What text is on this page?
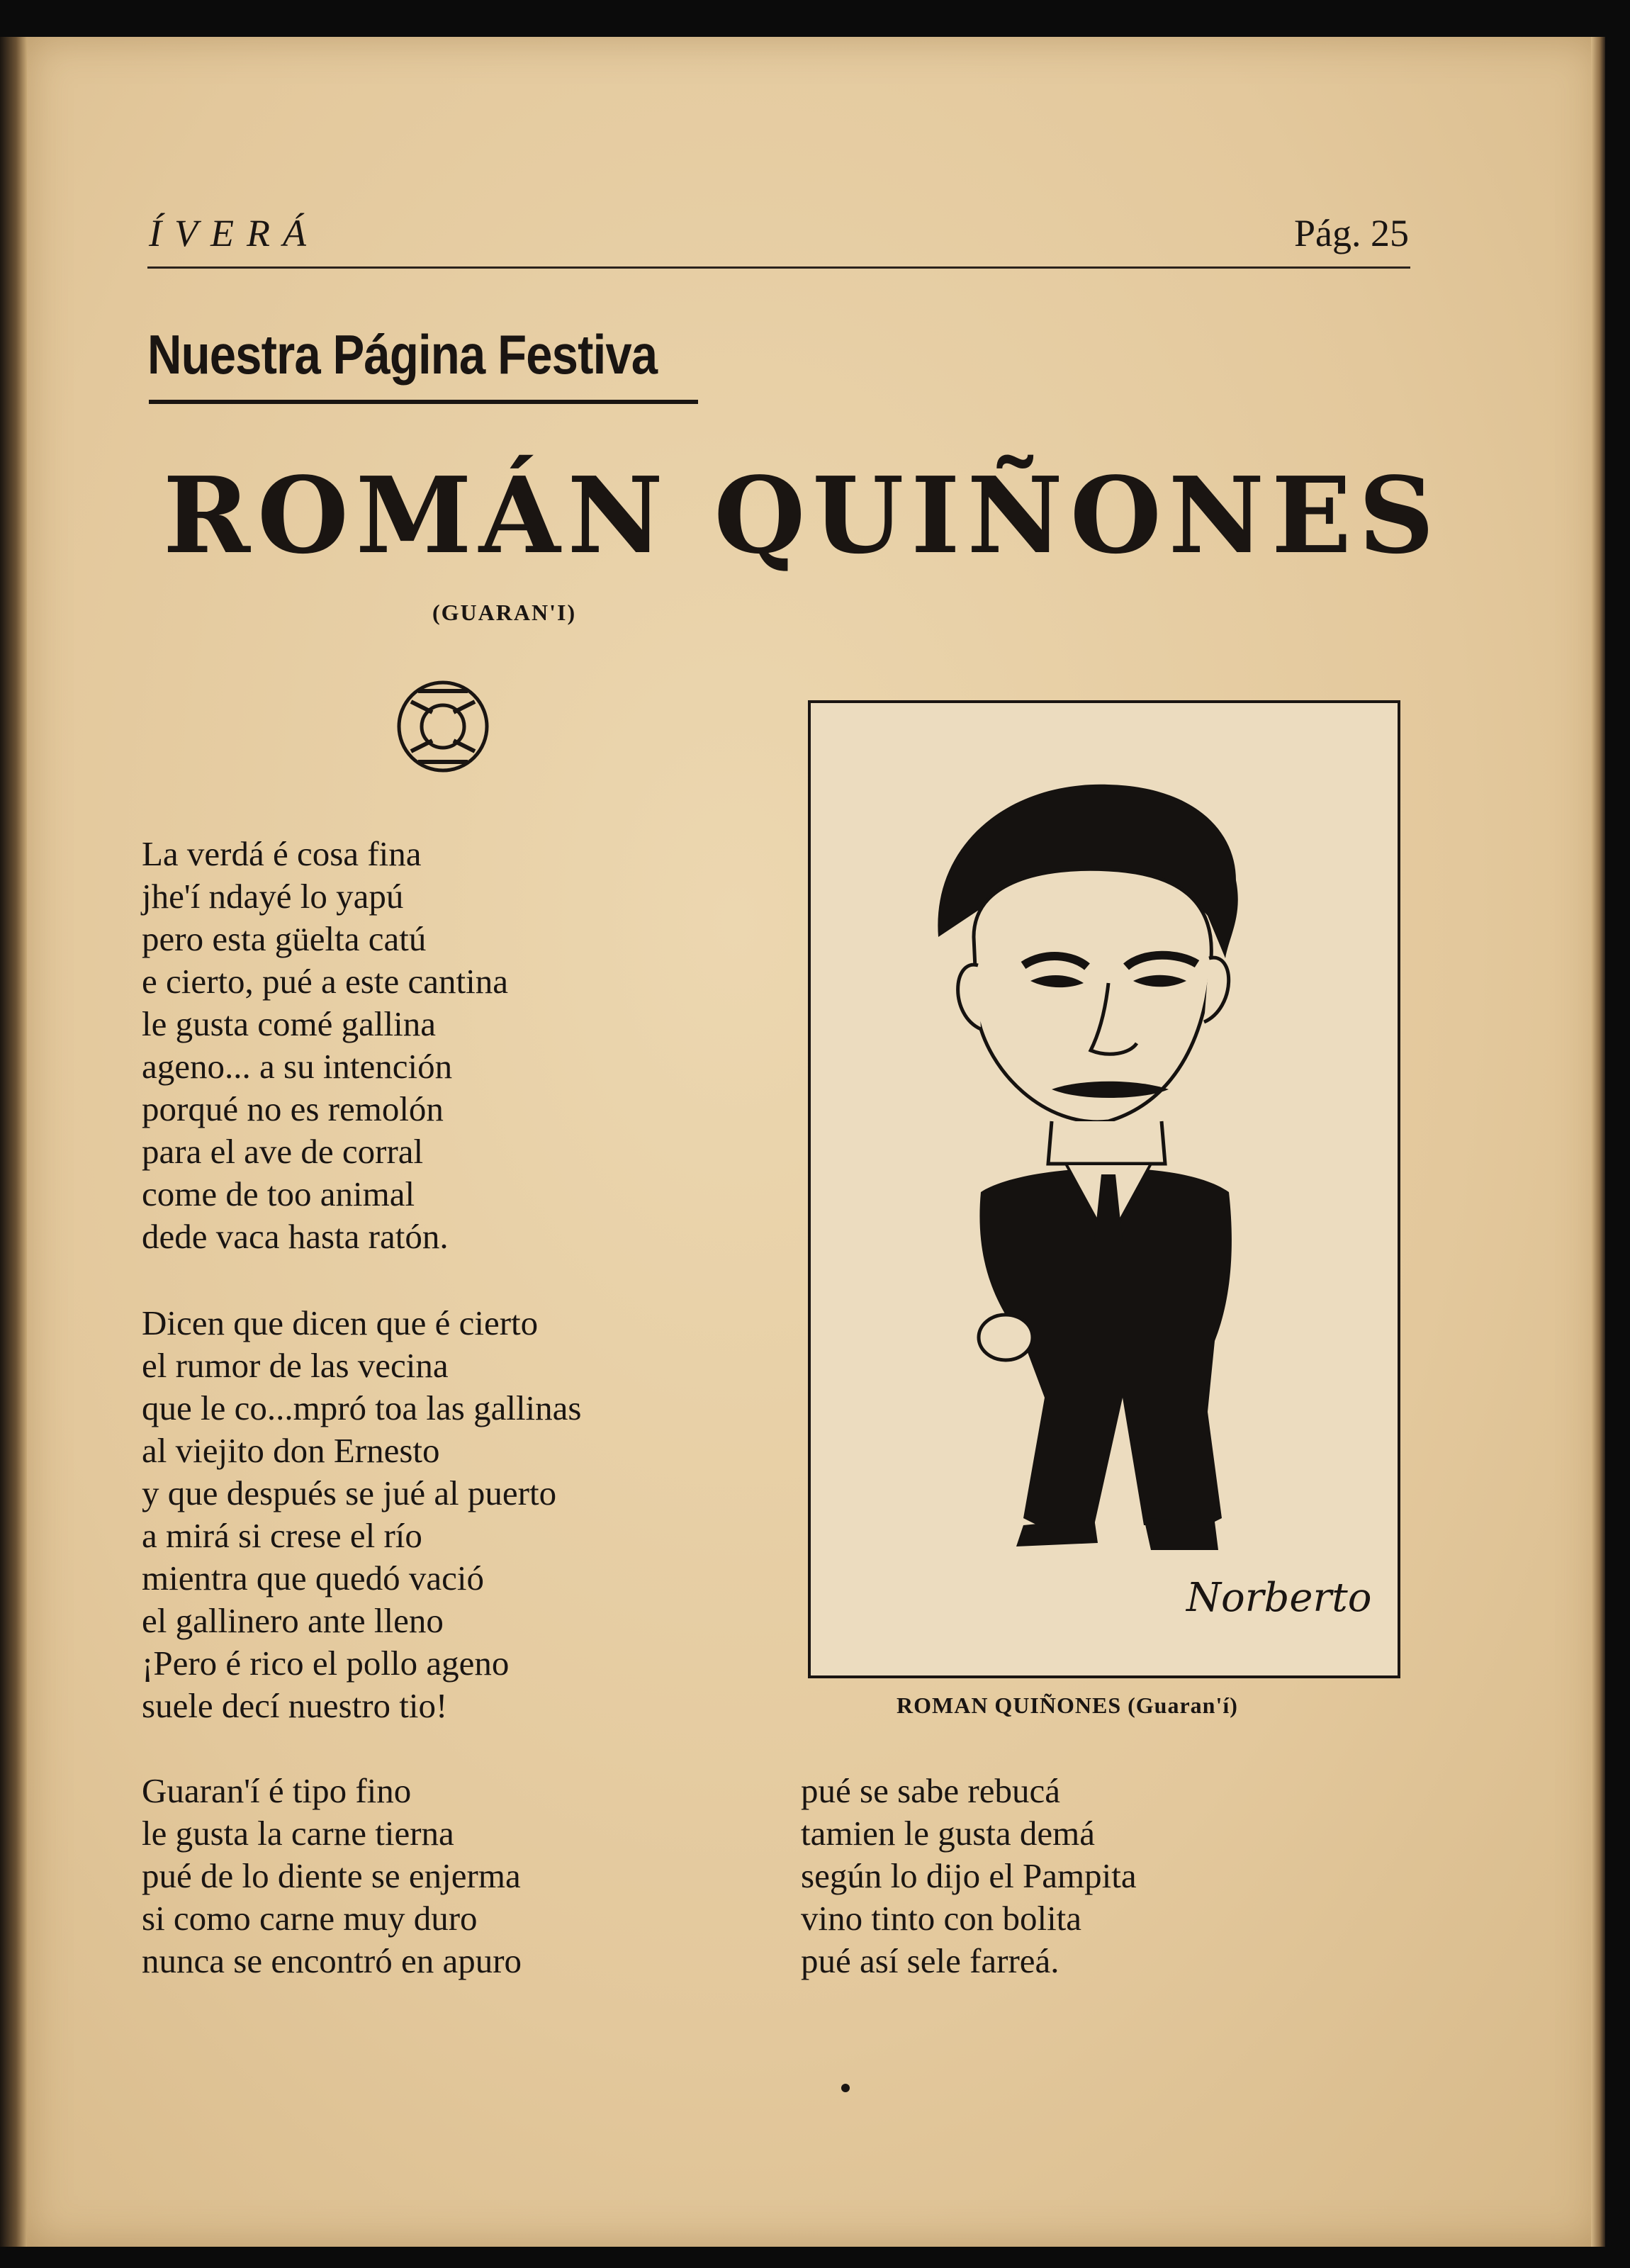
ÍVERÁ	Pág. 25
Nuestra Página Festiva
ROMÁN QUIÑONES
(GUARAN'I)
La verdá é cosa fina
jhe'í ndayé lo yapú
pero esta güelta catú
e cierto, pué a este cantina
le gusta comé gallina
ageno... a su intención
porqué no es remolón
para el ave de corral
come de too animal
dede vaca hasta ratón.
Dicen que dicen que é cierto
el rumor de las vecina
que le co...mpró toa las gallinas
al viejito don Ernesto
y que después se jué al puerto
a mirá si crese el río
mientra que quedó vació
el gallinero ante lleno
¡Pero é rico el pollo ageno
suele decí nuestro tio!
Guaran'í é tipo fino
le gusta la carne tierna
pué de lo diente se enjerma
si como carne muy duro
nunca se encontró en apuro
pué se sabe rebucá
tamien le gusta demá
según lo dijo el Pampita
vino tinto con bolita
pué así sele farreá.
Norberto
ROMAN QUIÑONES (Guaran'í)
